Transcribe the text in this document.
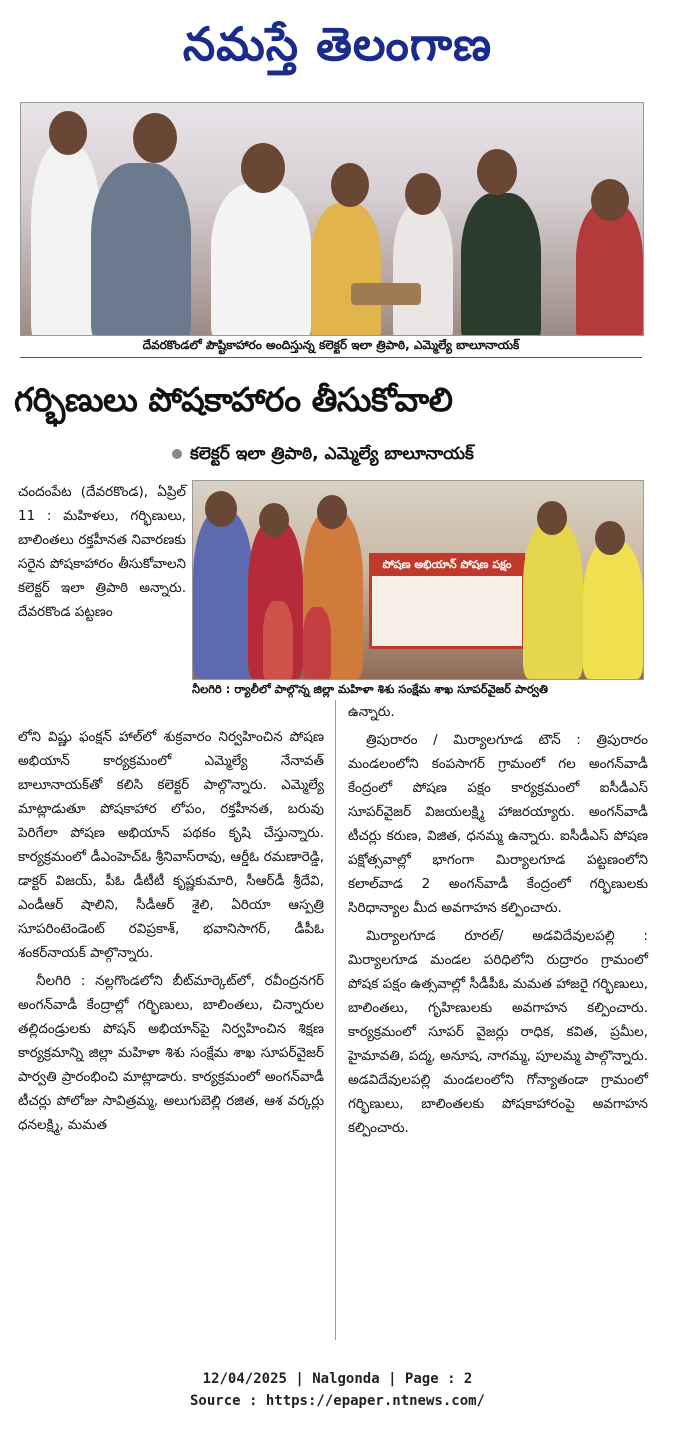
నమస్తే తెలంగాణ
దేవరకొండలో పౌష్టికాహారం అందిస్తున్న కలెక్టర్ ఇలా త్రిపాఠి, ఎమ్మెల్యే బాలూనాయక్
గర్భిణులు పోషకాహారం తీసుకోవాలి
కలెక్టర్ ఇలా త్రిపాఠి, ఎమ్మెల్యే బాలూనాయక్
పోషణ అభియాన్ పోషణ పక్షం
నీలగిరి : ర్యాలీలో పాల్గొన్న జిల్లా మహిళా శిశు సంక్షేమ శాఖ సూపర్‌వైజర్ పార్వతి

చందంపేట (దేవరకొండ), ఏప్రిల్ 11 : మహిళలు, గర్భిణులు, బాలింతలు రక్తహీనత నివారణకు సరైన పోషకాహారం తీసుకోవాలని కలెక్టర్ ఇలా త్రిపాఠి అన్నారు. దేవరకొండ పట్టణం

లోని విష్ణు ఫంక్షన్ హాల్‌లో శుక్రవారం నిర్వహించిన పోషణ అభియాన్ కార్యక్రమంలో ఎమ్మెల్యే నేనావత్ బాలూనాయక్‌తో కలిసి కలెక్టర్ పాల్గొన్నారు. ఎమ్మెల్యే మాట్లాడుతూ పోషకాహార లోపం, రక్తహీనత, బరువు పెరిగేలా పోషణ అభియాన్ పథకం కృషి చేస్తున్నారు. కార్యక్రమంలో డీఎంహెచ్‌ఓ శ్రీనివాస్‌రావు, ఆర్డీఓ రమణారెడ్డి, డాక్టర్ విజయ్, పీఓ డీటీటీ కృష్ణకుమారి, సీఆర్‌డీ శ్రీదేవి, ఎండీఆర్ షాలిని, సీడీఆర్ శైలి, ఏరియా ఆస్పత్రి సూపరింటెండెంట్ రవిప్రకాశ్, భవానిసాగర్, డీపీఓ శంకర్‌నాయక్ పాల్గొన్నారు.

నీలగిరి : నల్లగొండలోని బీట్‌మార్కెట్‌లో, రవీంద్రనగర్ అంగన్‌వాడీ కేంద్రాల్లో గర్భిణులు, బాలింతలు, చిన్నారుల తల్లిదండ్రులకు పోషన్ అభియాన్‌పై నిర్వహించిన శిక్షణ కార్యక్రమాన్ని జిల్లా మహిళా శిశు సంక్షేమ శాఖ సూపర్‌వైజర్ పార్వతి ప్రారంభించి మాట్లాడారు. కార్యక్రమంలో అంగన్‌వాడీ టీచర్లు పోలోజు సావిత్రమ్మ, అలుగుబెల్లి రజిత, ఆశ వర్కర్లు ధనలక్ష్మి, మమత

ఉన్నారు.

త్రిపురారం / మిర్యాలగూడ టౌన్ : త్రిపురారం మండలంలోని కంపసాగర్ గ్రామంలో గల అంగన్‌వాడీ కేంద్రంలో పోషణ పక్షం కార్యక్రమంలో ఐసీడీఎస్ సూపర్‌వైజర్ విజయలక్ష్మి హాజరయ్యారు. అంగన్‌వాడీ టీచర్లు కరుణ, విజిత, ధనమ్మ ఉన్నారు. ఐసీడీఎస్ పోషణ పక్షోత్సవాల్లో భాగంగా మిర్యాలగూడ పట్టణంలోని కలాల్‌వాడ 2 అంగన్‌వాడీ కేంద్రంలో గర్భిణులకు సిరిధాన్యాల మీద అవగాహన కల్పించారు.

మిర్యాలగూడ రూరల్/ అడవిదేవులపల్లి : మిర్యాలగూడ మండల పరిధిలోని రుద్రారం గ్రామంలో పోషక పక్షం ఉత్సవాల్లో సీడీపీఓ మమత హాజరై గర్భిణులు, బాలింతలు, గృహిణులకు అవగాహన కల్పించారు. కార్యక్రమంలో సూపర్ వైజర్లు రాధిక, కవిత, ప్రమీల, హైమావతి, పద్మ, అనూష, నాగమ్మ, పూలమ్మ పాల్గొన్నారు. అడవిదేవులపల్లి మండలంలోని గోన్యాతండా గ్రామంలో గర్భిణులు, బాలింతలకు పోషకాహారంపై అవగాహన కల్పించారు.

12/04/2025 | Nalgonda | Page : 2
Source : https://epaper.ntnews.com/
